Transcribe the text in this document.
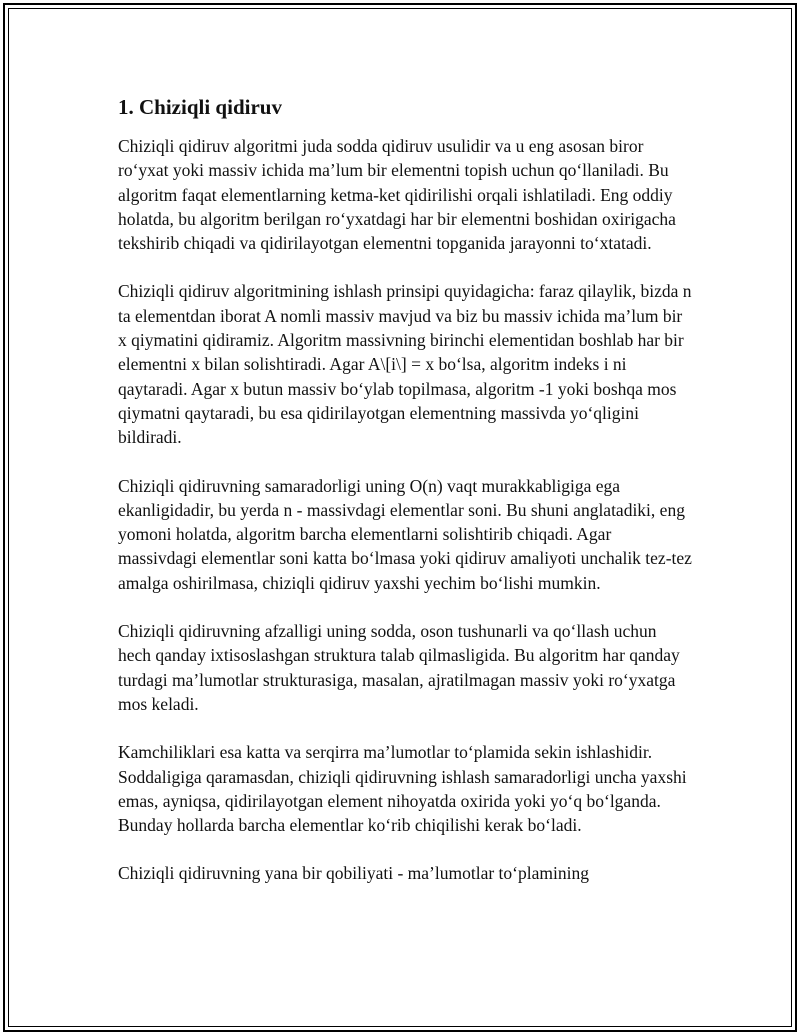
1. Chiziqli qidiruv

Chiziqli qidiruv algoritmi juda sodda qidiruv usulidir va u eng asosan biror ro‘yxat yoki massiv ichida ma’lum bir elementni topish uchun qo‘llaniladi. Bu algoritm faqat elementlarning ketma-ket qidirilishi orqali ishlatiladi. Eng oddiy holatda, bu algoritm berilgan ro‘yxatdagi har bir elementni boshidan oxirigacha tekshirib chiqadi va qidirilayotgan elementni topganida jarayonni to‘xtatadi.

Chiziqli qidiruv algoritmining ishlash prinsipi quyidagicha: faraz qilaylik, bizda n ta elementdan iborat A nomli massiv mavjud va biz bu massiv ichida ma’lum bir x qiymatini qidiramiz. Algoritm massivning birinchi elementidan boshlab har bir elementni x bilan solishtiradi. Agar A\[i\] = x bo‘lsa, algoritm indeks i ni qaytaradi. Agar x butun massiv bo‘ylab topilmasa, algoritm -1 yoki boshqa mos qiymatni qaytaradi, bu esa qidirilayotgan elementning massivda yo‘qligini bildiradi.

Chiziqli qidiruvning samaradorligi uning O(n) vaqt murakkabligiga ega ekanligidadir, bu yerda n - massivdagi elementlar soni. Bu shuni anglatadiki, eng yomoni holatda, algoritm barcha elementlarni solishtirib chiqadi. Agar massivdagi elementlar soni katta bo‘lmasa yoki qidiruv amaliyoti unchalik tez-tez amalga oshirilmasa, chiziqli qidiruv yaxshi yechim bo‘lishi mumkin.

Chiziqli qidiruvning afzalligi uning sodda, oson tushunarli va qo‘llash uchun hech qanday ixtisoslashgan struktura talab qilmasligida. Bu algoritm har qanday turdagi ma’lumotlar strukturasiga, masalan, ajratilmagan massiv yoki ro‘yxatga mos keladi.

Kamchiliklari esa katta va serqirra ma’lumotlar to‘plamida sekin ishlashidir. Soddaligiga qaramasdan, chiziqli qidiruvning ishlash samaradorligi uncha yaxshi emas, ayniqsa, qidirilayotgan element nihoyatda oxirida yoki yo‘q bo‘lganda. Bunday hollarda barcha elementlar ko‘rib chiqilishi kerak bo‘ladi.

Chiziqli qidiruvning yana bir qobiliyati - ma’lumotlar to‘plamining
